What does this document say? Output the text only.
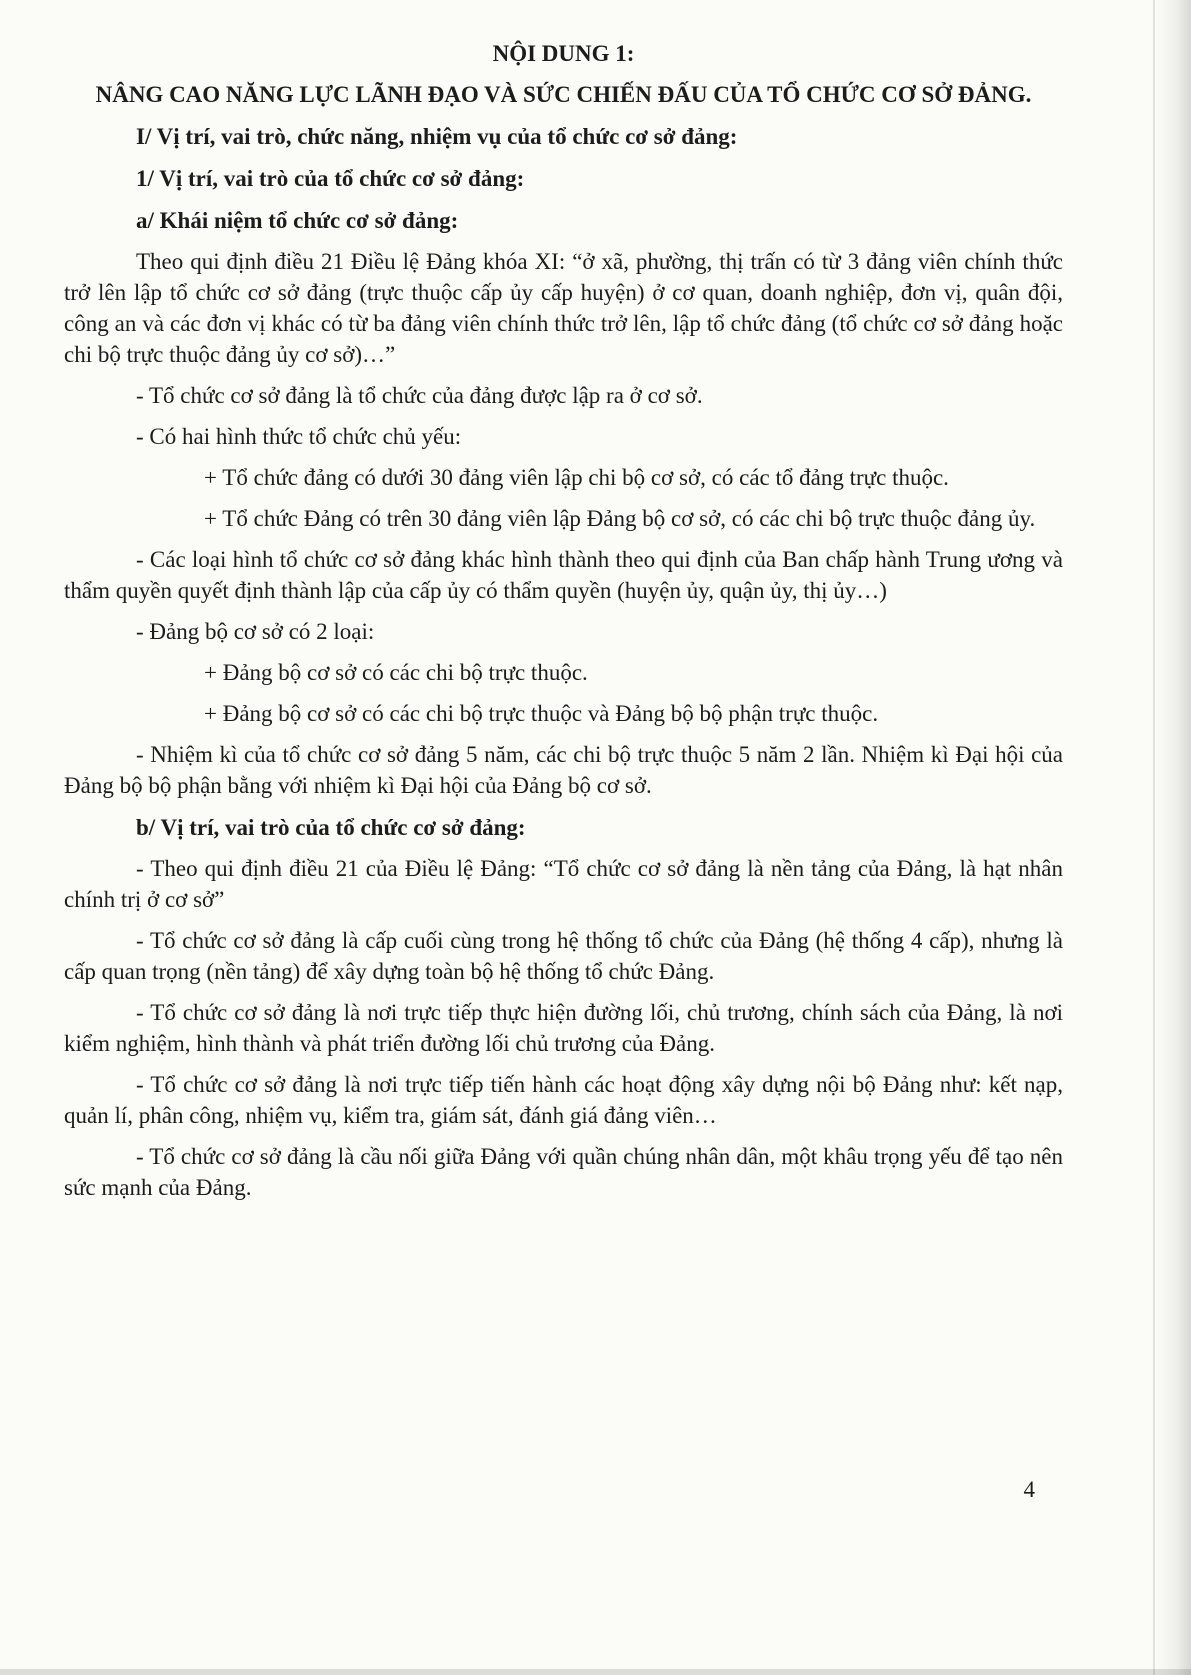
NỘI DUNG 1:

NÂNG CAO NĂNG LỰC LÃNH ĐẠO VÀ SỨC CHIẾN ĐẤU CỦA TỔ CHỨC CƠ SỞ ĐẢNG.

I/ Vị trí, vai trò, chức năng, nhiệm vụ của tổ chức cơ sở đảng:

1/ Vị trí, vai trò của tổ chức cơ sở đảng:

a/ Khái niệm tổ chức cơ sở đảng:

Theo qui định điều 21 Điều lệ Đảng khóa XI: “ở xã, phường, thị trấn có từ 3 đảng viên chính thức trở lên lập tổ chức cơ sở đảng (trực thuộc cấp ủy cấp huyện) ở cơ quan, doanh nghiệp, đơn vị, quân đội, công an và các đơn vị khác có từ ba đảng viên chính thức trở lên, lập tổ chức đảng (tổ chức cơ sở đảng hoặc chi bộ trực thuộc đảng ủy cơ sở)…”

- Tổ chức cơ sở đảng là tổ chức của đảng được lập ra ở cơ sở.

- Có hai hình thức tổ chức chủ yếu:

+ Tổ chức đảng có dưới 30 đảng viên lập chi bộ cơ sở, có các tổ đảng trực thuộc.

+ Tổ chức Đảng có trên 30 đảng viên lập Đảng bộ cơ sở, có các chi bộ trực thuộc đảng ủy.

- Các loại hình tổ chức cơ sở đảng khác hình thành theo qui định của Ban chấp hành Trung ương và thẩm quyền quyết định thành lập của cấp ủy có thẩm quyền (huyện ủy, quận ủy, thị ủy…)

- Đảng bộ cơ sở có 2 loại:

+ Đảng bộ cơ sở có các chi bộ trực thuộc.

+ Đảng bộ cơ sở có các chi bộ trực thuộc và Đảng bộ bộ phận trực thuộc.

- Nhiệm kì của tổ chức cơ sở đảng 5 năm, các chi bộ trực thuộc 5 năm 2 lần. Nhiệm kì Đại hội của Đảng bộ bộ phận bằng với nhiệm kì Đại hội của Đảng bộ cơ sở.

b/ Vị trí, vai trò của tổ chức cơ sở đảng:

- Theo qui định điều 21 của Điều lệ Đảng: “Tổ chức cơ sở đảng là nền tảng của Đảng, là hạt nhân chính trị ở cơ sở”

- Tổ chức cơ sở đảng là cấp cuối cùng trong hệ thống tổ chức của Đảng (hệ thống 4 cấp), nhưng là cấp quan trọng (nền tảng) để xây dựng toàn bộ hệ thống tổ chức Đảng.

- Tổ chức cơ sở đảng là nơi trực tiếp thực hiện đường lối, chủ trương, chính sách của Đảng, là nơi kiểm nghiệm, hình thành và phát triển đường lối chủ trương của Đảng.

- Tổ chức cơ sở đảng là nơi trực tiếp tiến hành các hoạt động xây dựng nội bộ Đảng như: kết nạp, quản lí, phân công, nhiệm vụ, kiểm tra, giám sát, đánh giá đảng viên…

- Tổ chức cơ sở đảng là cầu nối giữa Đảng với quần chúng nhân dân, một khâu trọng yếu để tạo nên sức mạnh của Đảng.

4
